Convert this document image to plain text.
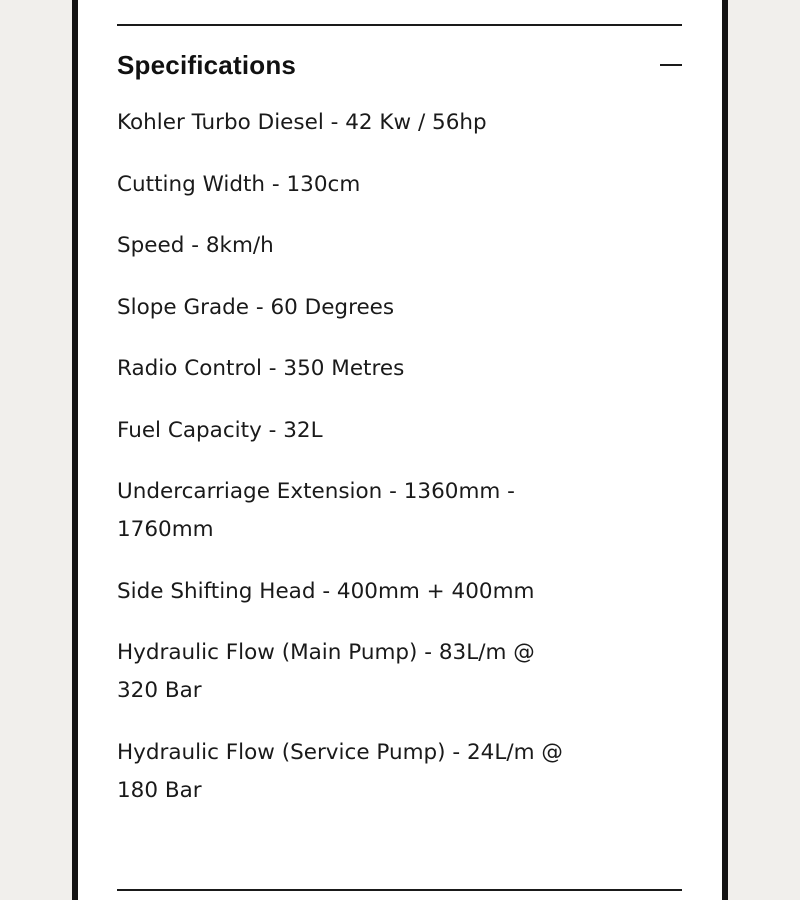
Specifications
Kohler Turbo Diesel - 42 Kw / 56hp
Cutting Width - 130cm
Speed - 8km/h
Slope Grade - 60 Degrees
Radio Control - 350 Metres
Fuel Capacity - 32L
Undercarriage Extension - 1360mm - 1760mm
Side Shifting Head - 400mm + 400mm
Hydraulic Flow (Main Pump) - 83L/m @ 320 Bar
Hydraulic Flow (Service Pump) - 24L/m @ 180 Bar
